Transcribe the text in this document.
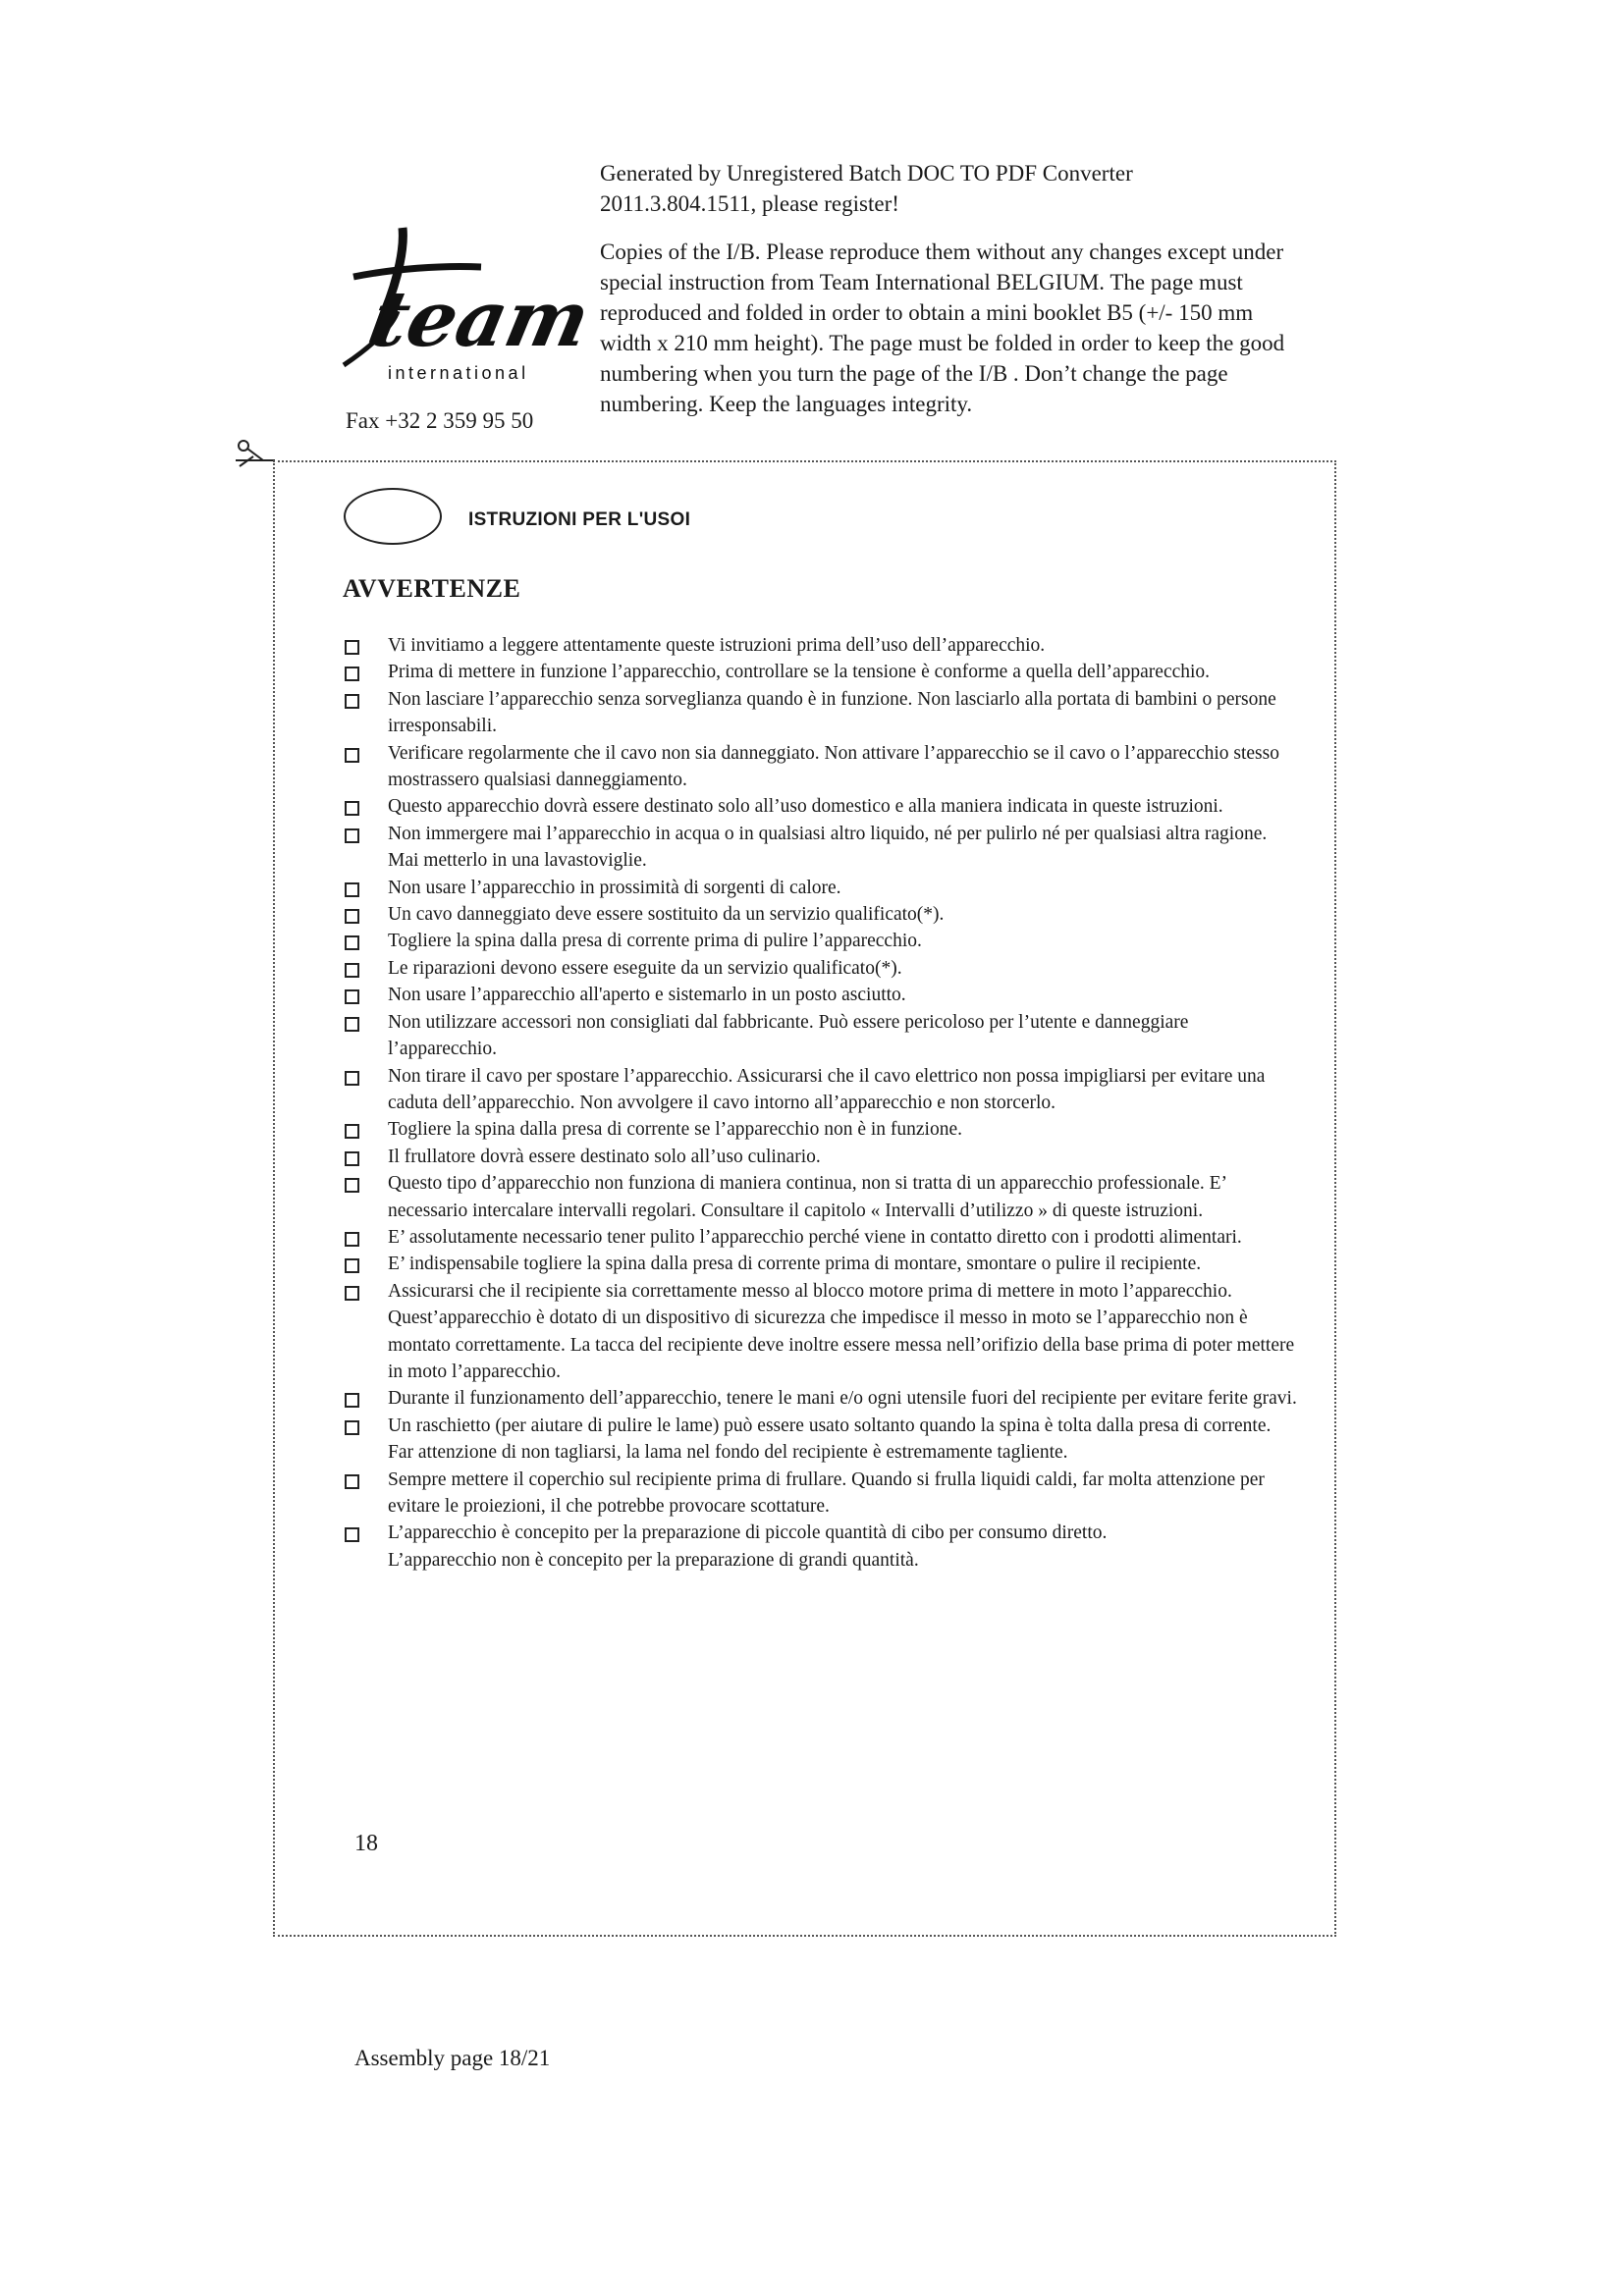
Generated by Unregistered Batch DOC TO PDF Converter
2011.3.804.1511, please register!

Copies of the I/B. Please reproduce them without any changes except under special instruction from Team International BELGIUM. The page must reproduced and folded in order to obtain a mini booklet B5 (+/- 150 mm width x 210 mm height). The page must be folded in order to keep the good numbering when you turn the page of the I/B . Don’t change the page numbering. Keep the languages integrity.

team
international
Fax +32 2 359 95 50
ISTRUZIONI PER L'USOI
AVVERTENZE
Vi invitiamo a leggere attentamente queste istruzioni prima dell’uso dell’apparecchio.
Prima di mettere in funzione l’apparecchio, controllare se la tensione è conforme a quella dell’apparecchio.
Non lasciare l’apparecchio senza sorveglianza quando è in funzione. Non lasciarlo alla portata di bambini o persone irresponsabili.
Verificare regolarmente che il cavo non sia danneggiato. Non attivare l’apparecchio se il cavo o l’apparecchio stesso mostrassero qualsiasi danneggiamento.
Questo apparecchio dovrà essere destinato solo all’uso domestico e alla maniera indicata in queste istruzioni.
Non immergere mai l’apparecchio in acqua o in qualsiasi altro liquido, né per pulirlo né per qualsiasi altra ragione. Mai metterlo in una lavastoviglie.
Non usare l’apparecchio in prossimità di sorgenti di calore.
Un cavo danneggiato deve essere sostituito da un servizio qualificato(*).
Togliere la spina dalla presa di corrente prima di pulire l’apparecchio.
Le riparazioni devono essere eseguite da un servizio qualificato(*).
Non usare l’apparecchio all'aperto e sistemarlo in un posto asciutto.
Non utilizzare accessori non consigliati dal fabbricante. Può essere pericoloso per l’utente e danneggiare l’apparecchio.
Non tirare il cavo per spostare l’apparecchio. Assicurarsi che il cavo elettrico non possa impigliarsi per evitare una caduta dell’apparecchio. Non avvolgere il cavo intorno all’apparecchio e non storcerlo.
Togliere la spina dalla presa di corrente se l’apparecchio non è in funzione.
Il frullatore dovrà essere destinato solo all’uso culinario.
Questo tipo d’apparecchio non funziona di maniera continua, non si tratta di un apparecchio professionale. E’ necessario intercalare intervalli regolari. Consultare il capitolo « Intervalli d’utilizzo » di queste istruzioni.
E’ assolutamente necessario tener pulito l’apparecchio perché viene in contatto diretto con i prodotti alimentari.
E’ indispensabile togliere la spina dalla presa di corrente prima di montare, smontare o pulire il recipiente.
Assicurarsi che il recipiente sia correttamente messo al blocco motore prima di mettere in moto l’apparecchio. Quest’apparecchio è dotato di un dispositivo di sicurezza che impedisce il messo in moto se l’apparecchio non è montato correttamente. La tacca del recipiente deve inoltre essere messa nell’orifizio della base prima di poter mettere in moto l’apparecchio.
Durante il funzionamento dell’apparecchio, tenere le mani e/o ogni utensile fuori del recipiente per evitare ferite gravi.
Un raschietto (per aiutare di pulire le lame) può essere usato soltanto quando la spina è tolta dalla presa di corrente. Far attenzione di non tagliarsi, la lama nel fondo del recipiente è estremamente tagliente.
Sempre mettere il coperchio sul recipiente prima di frullare. Quando si frulla liquidi caldi, far molta attenzione per evitare le proiezioni, il che potrebbe provocare scottature.
L’apparecchio è concepito per la preparazione di piccole quantità di cibo per consumo diretto.
L’apparecchio non è concepito per la preparazione di grandi quantità.
18
Assembly page 18/21
